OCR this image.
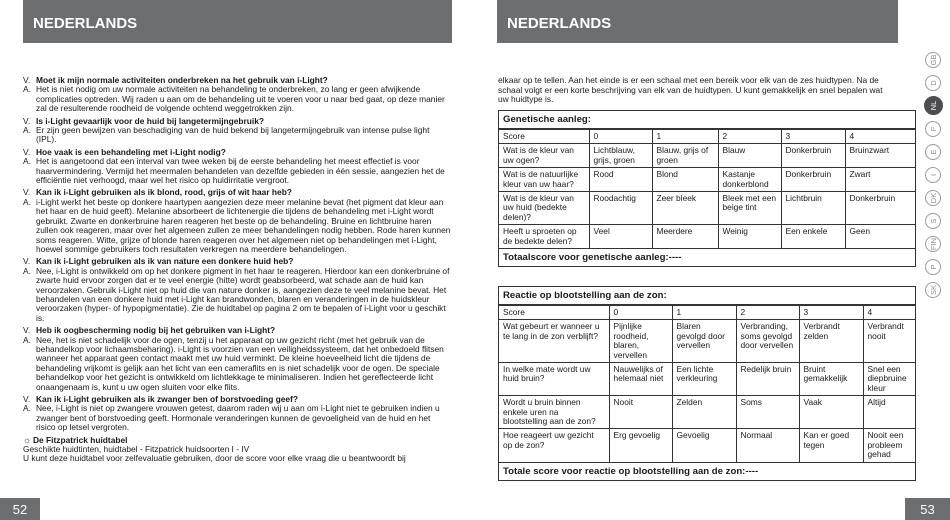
NEDERLANDS
V. Moet ik mijn normale activiteiten onderbreken na het gebruik van i-Light?
A. Het is niet nodig om uw normale activiteiten na behandeling te onderbreken, zo lang er geen afwijkende complicaties optreden. Wij raden u aan om de behandeling uit te voeren voor u naar bed gaat, op deze manier zal de resulterende roodheid de volgende ochtend weggetrokken zijn.
V. Is i-Light gevaarlijk voor de huid bij langetermijngebruik?
A. Er zijn geen bewijzen van beschadiging van de huid bekend bij langetermijngebruik van intense pulse light (IPL).
V. Hoe vaak is een behandeling met i-Light nodig?
A. Het is aangetoond dat een interval van twee weken bij de eerste behandeling het meest effectief is voor haarvermindering. Vermijd het meermalen behandelen van dezelfde gebieden in één sessie, aangezien het de efficiëntie niet verhoogd, maar wel het risico op huidirritatie vergroot.
V. Kan ik i-Light gebruiken als ik blond, rood, grijs of wit haar heb?
A. i-Light werkt het beste op donkere haartypen aangezien deze meer melanine bevat (het pigment dat kleur aan het haar en de huid geeft). Melanine absorbeert de lichtenergie die tijdens de behandeling met i-Light wordt gebruikt. Zwarte en donkerbruine haren reageren het beste op de behandeling. Bruine en lichtbruine haren zullen ook reageren, maar over het algemeen zullen ze meer behandelingen nodig hebben. Rode haren kunnen soms reageren. Witte, grijze of blonde haren reageren over het algemeen niet op behandelingen met i-Light, hoewel sommige gebruikers toch resultaten verkregen na meerdere behandelingen.
V. Kan ik i-Light gebruiken als ik van nature een donkere huid heb?
A. Nee, i-Light is ontwikkeld om op het donkere pigment in het haar te reageren. Hierdoor kan een donkerbruine of zwarte huid ervoor zorgen dat er te veel energie (hitte) wordt geabsorbeerd, wat schade aan de huid kan veroorzaken. Gebruik i-Light niet op huid die van nature donker is, aangezien deze te veel melanine bevat. Het behandelen van een donkere huid met i-Light kan brandwonden, blaren en veranderingen in de huidskleur veroorzaken (hyper- of hypopigmentatie). Zie de huidtabel op pagina 2 om te bepalen of i-Light voor u geschikt is.
V. Heb ik oogbescherming nodig bij het gebruiken van i-Light?
A. Nee, het is niet schadelijk voor de ogen, tenzij u het apparaat op uw gezicht richt (met het gebruik van de behandelkop voor lichaamsbeharing). i-Light is voorzien van een veiligheidssysteem, dat het onbedoeld flitsen wanneer het apparaat geen contact maakt met uw huid verminkt. De kleine hoeveelheid licht die tijdens de behandeling vrijkomt is gelijk aan het licht van een cameraflits en is niet schadelijk voor de ogen. De speciale behandelkop voor het gezicht is ontwikkeld om lichtlekkage te minimaliseren. Indien het gereflecteerde licht onaangenaam is, kunt u uw ogen sluiten voor elke flits.
V. Kan ik i-Light gebruiken als ik zwanger ben of borstvoeding geef?
A. Nee, i-Light is niet op zwangere vrouwen getest, daarom raden wij u aan om i-Light niet te gebruiken indien u zwanger bent of borstvoeding geeft. Hormonale veranderingen kunnen de gevoeligheid van de huid en het risico op letsel vergroten.
☼ De Fitzpatrick huidtabel
Geschikte huidtinten, huidtabel - Fitzpatrick huidsoorten I - IV
U kunt deze huidtabel voor zelfevaluatie gebruiken, door de score voor elke vraag die u beantwoordt bij
52
NEDERLANDS
elkaar op te tellen. Aan het einde is er een schaal met een bereik voor elk van de zes huidtypen. Na de schaal volgt er een korte beschrijving van elk van de huidtypen. U kunt gemakkelijk en snel bepalen wat uw huidtype is.
53
Genetische aanleg:
Score	0	1	2	3	4
Wat is de kleur van uw ogen?	Lichtblauw, grijs, groen	Blauw, grijs of groen	Blauw	Donkerbruin	Bruinzwart
Wat is de natuurlijke kleur van uw haar?	Rood	Blond	Kastanje donkerblond	Donkerbruin	Zwart
Wat is de kleur van uw huid (bedekte delen)?	Roodachtig	Zeer bleek	Bleek met een beige tint	Lichtbruin	Donkerbruin
Heeft u sproeten op de bedekte delen?	Veel	Meerdere	Weinig	Een enkele	Geen
Totaalscore voor genetische aanleg:----
Reactie op blootstelling aan de zon:
Score	0	1	2	3	4
Wat gebeurt er wanneer u te lang in de zon verblijft?	Pijnlijke roodheid, blaren, vervellen	Blaren gevolgd door vervellen	Verbranding, soms gevolgd door vervellen	Verbrandt zelden	Verbrandt nooit
In welke mate wordt uw huid bruin?	Nauwelijks of helemaal niet	Een lichte verkleuring	Redelijk bruin	Bruint gemakkelijk	Snel een diepbruine kleur
Wordt u bruin binnen enkele uren na blootstelling aan de zon?	Nooit	Zelden	Soms	Vaak	Altijd
Hoe reageert uw gezicht op de zon?	Erg gevoelig	Gevoelig	Normaal	Kan er goed tegen	Nooit een probleem gehad
Totale score voor reactie op blootstelling aan de zon:----
GB
D
NL
F
E
I
DK
S
FIN
P
SK
